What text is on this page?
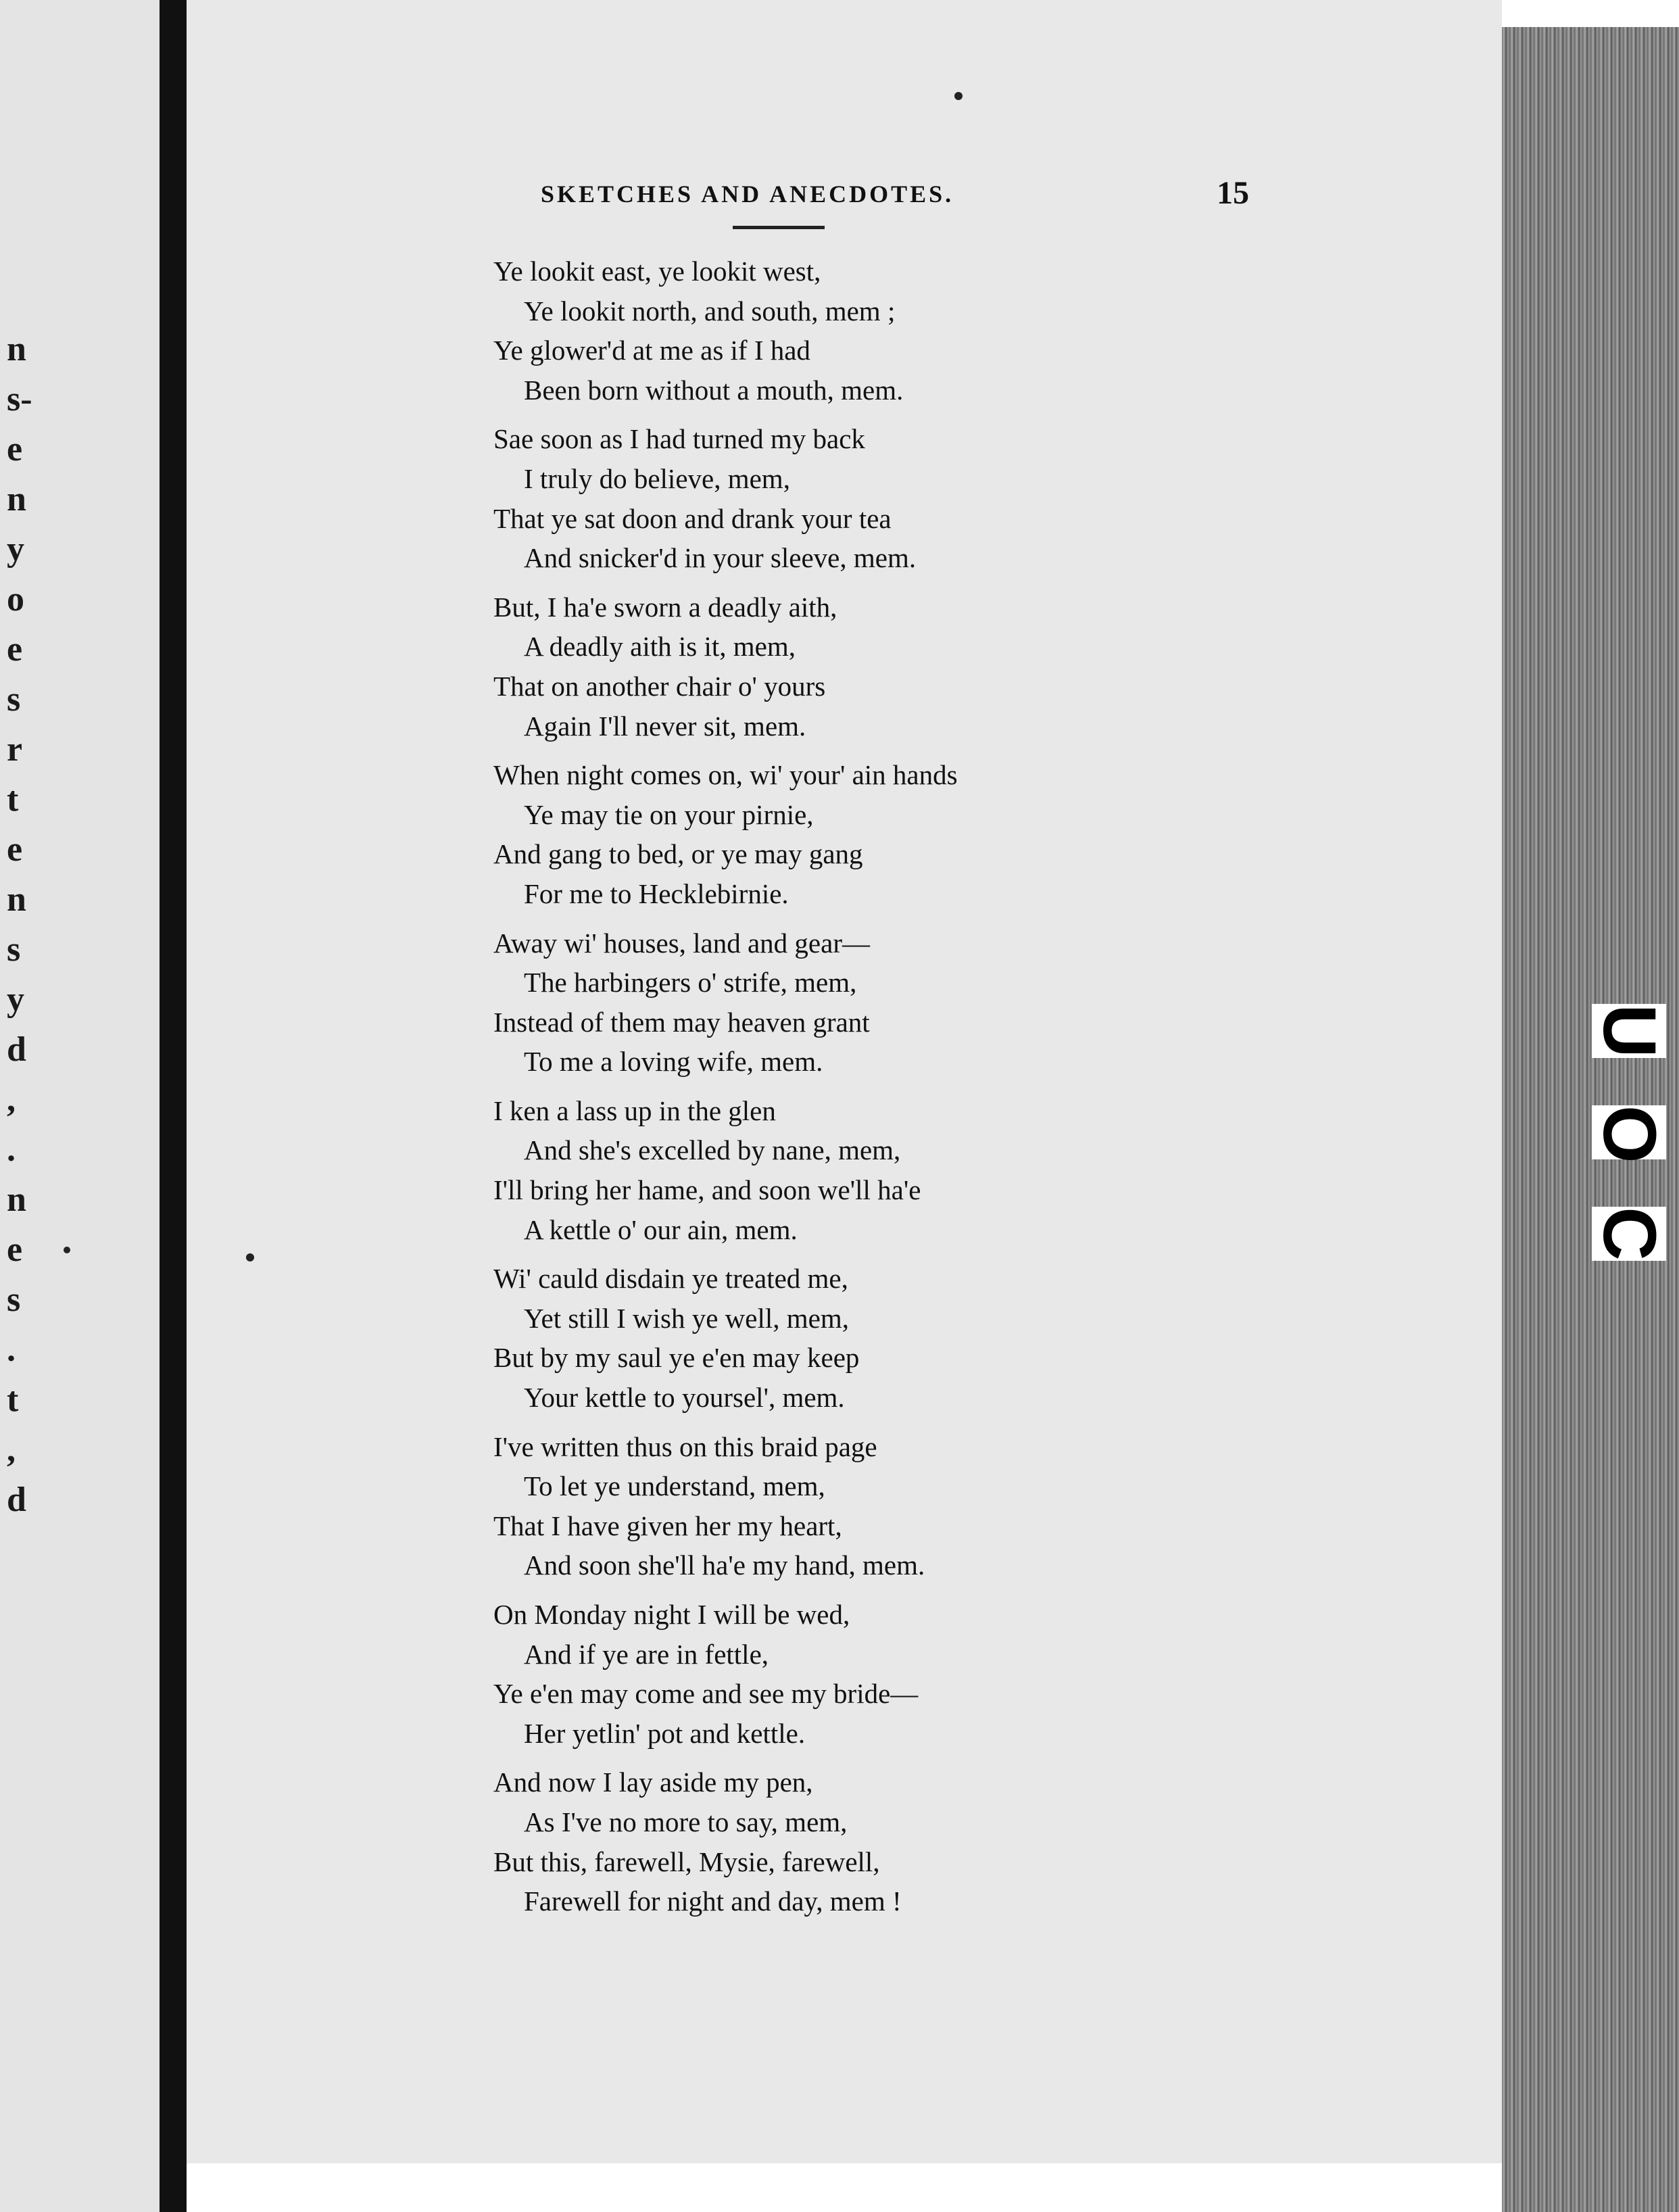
n
s-
e
n
y
o
e
s
r
t
e
n
s
y
d
,
.
n
e
s
.
t
,
d
U
O
C
SKETCHES AND ANECDOTES.	15
Ye lookit east, ye lookit west,
Ye lookit north, and south, mem ;
Ye glower'd at me as if I had
Been born without a mouth, mem.
Sae soon as I had turned my back
I truly do believe, mem,
That ye sat doon and drank your tea
And snicker'd in your sleeve, mem.
But, I ha'e sworn a deadly aith,
A deadly aith is it, mem,
That on another chair o' yours
Again I'll never sit, mem.
When night comes on, wi' your' ain hands
Ye may tie on your pirnie,
And gang to bed, or ye may gang
For me to Hecklebirnie.
Away wi' houses, land and gear—
The harbingers o' strife, mem,
Instead of them may heaven grant
To me a loving wife, mem.
I ken a lass up in the glen
And she's excelled by nane, mem,
I'll bring her hame, and soon we'll ha'e
A kettle o' our ain, mem.
Wi' cauld disdain ye treated me,
Yet still I wish ye well, mem,
But by my saul ye e'en may keep
Your kettle to yoursel', mem.
I've written thus on this braid page
To let ye understand, mem,
That I have given her my heart,
And soon she'll ha'e my hand, mem.
On Monday night I will be wed,
And if ye are in fettle,
Ye e'en may come and see my bride—
Her yetlin' pot and kettle.
And now I lay aside my pen,
As I've no more to say, mem,
But this, farewell, Mysie, farewell,
Farewell for night and day, mem !
